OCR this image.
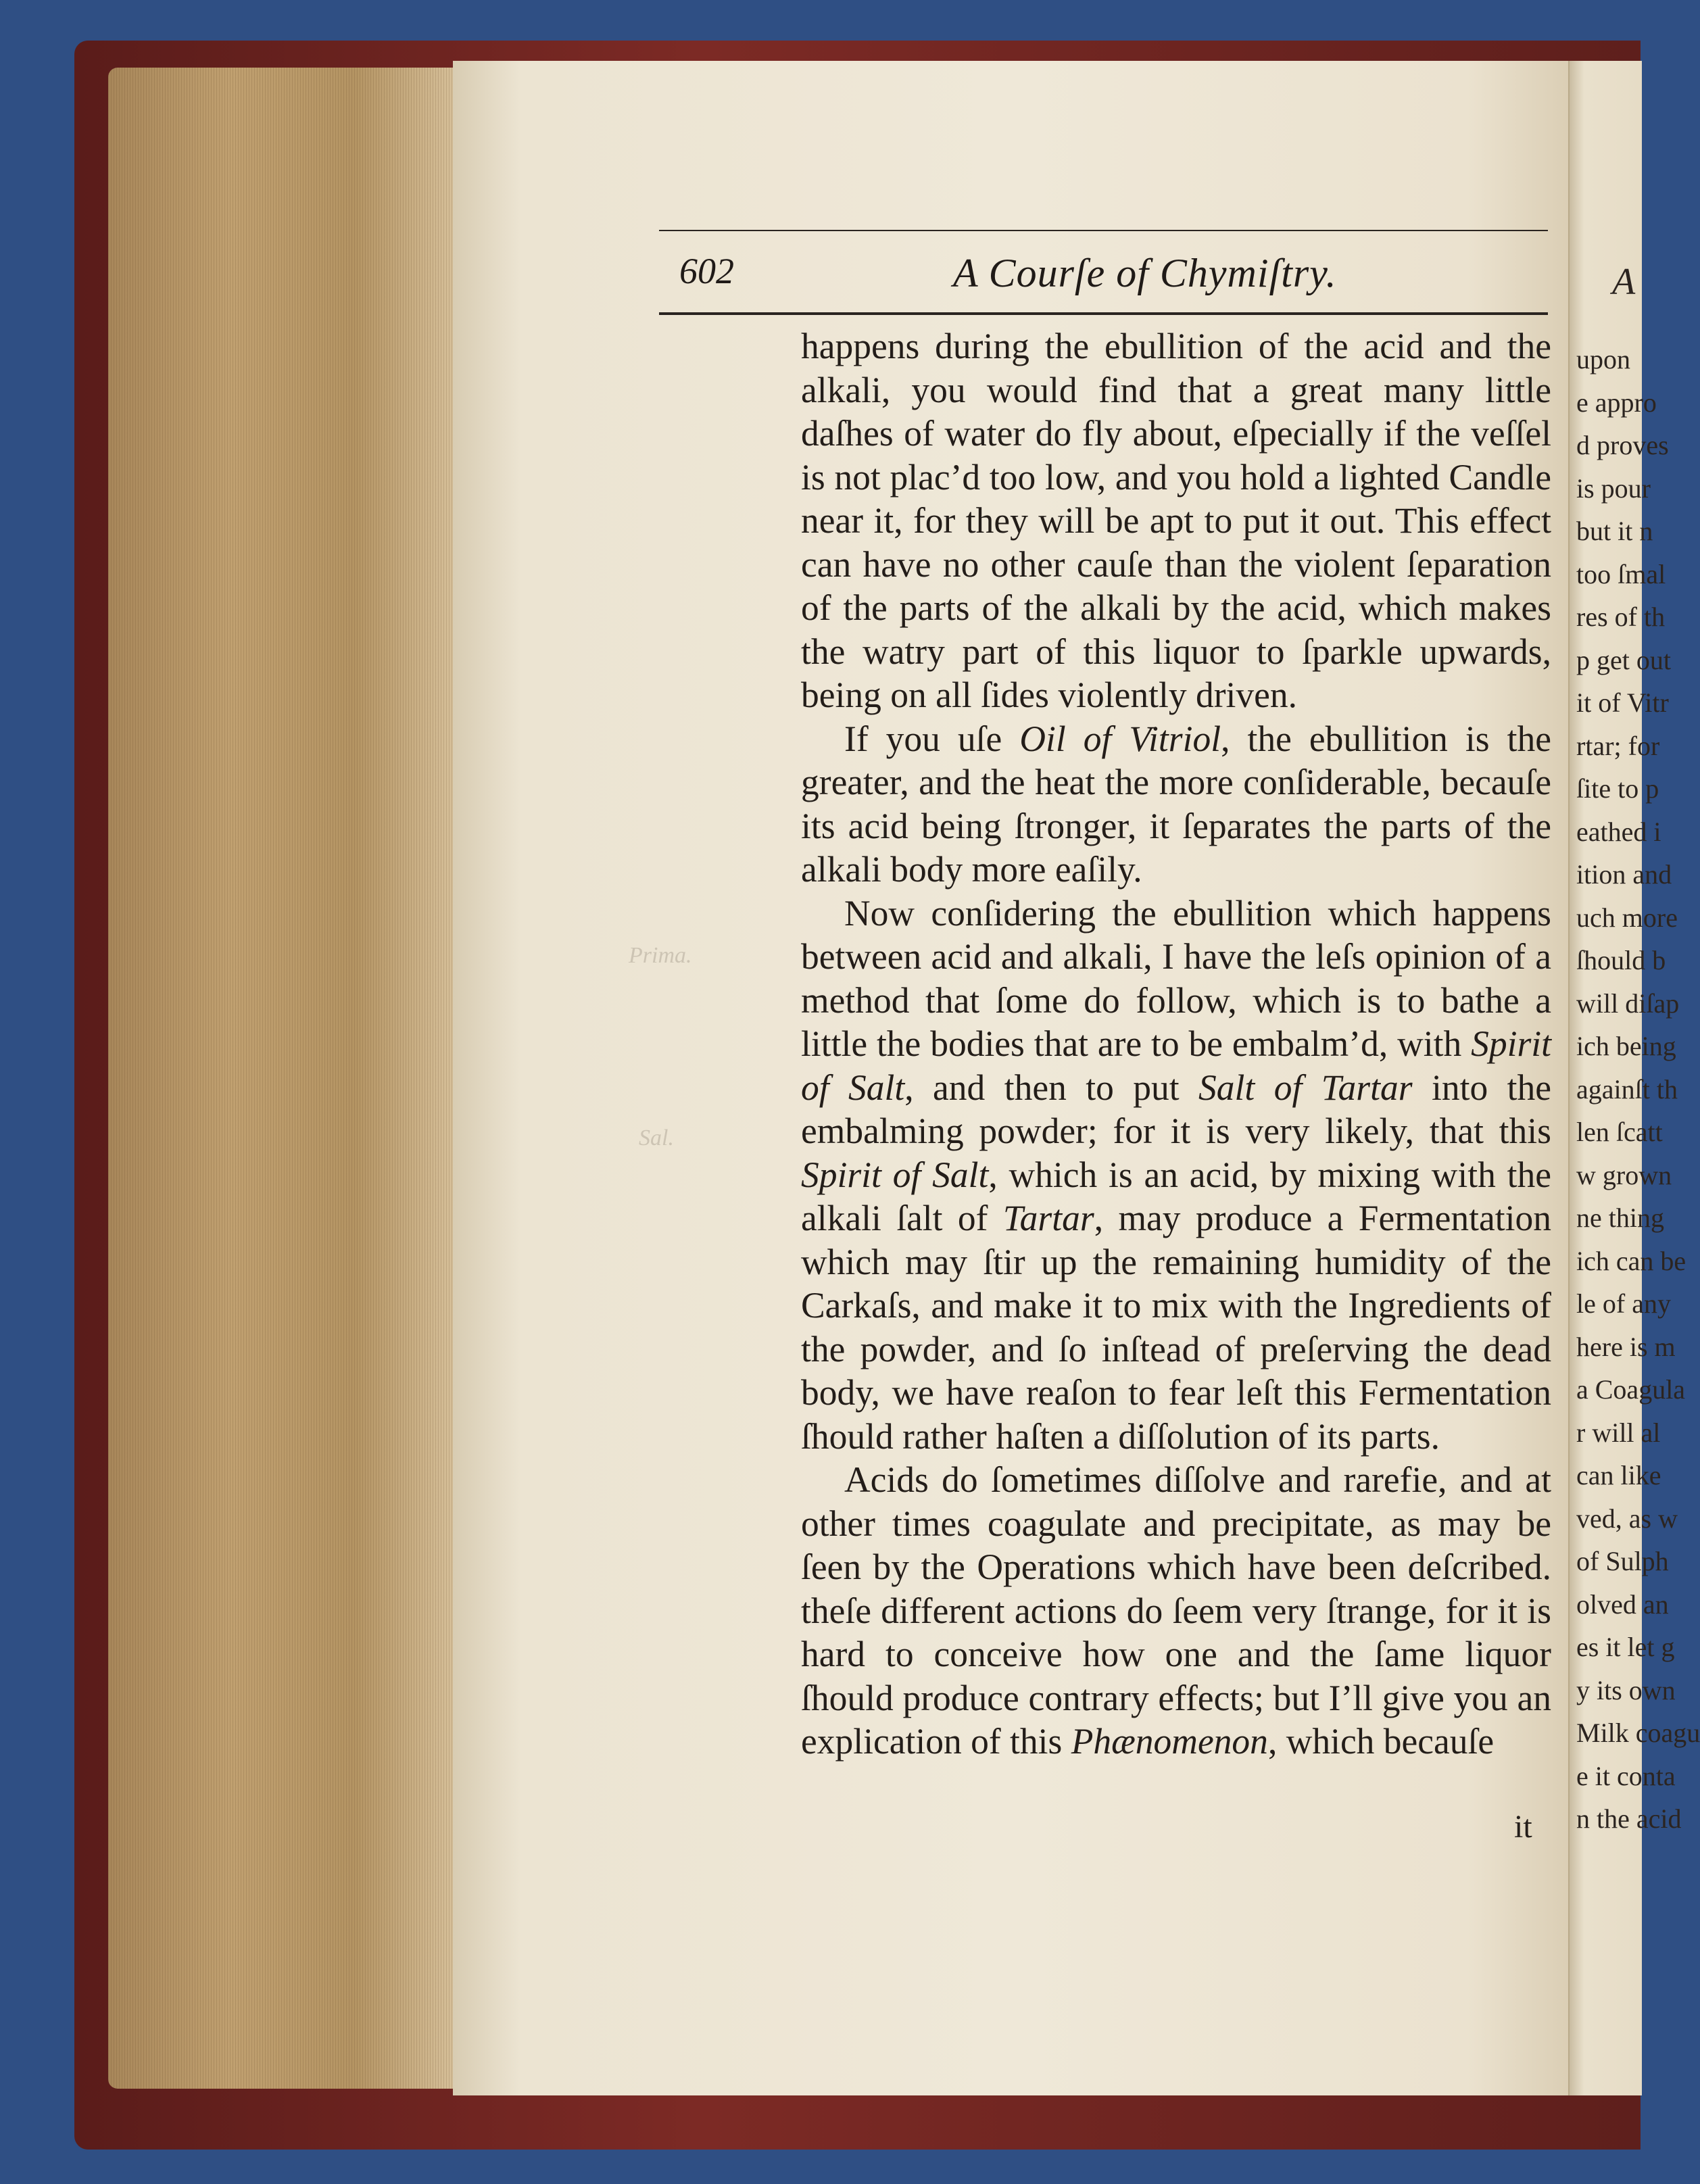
602	A Courſe of Chymiſtry.
Prima.
Sal.

happens during the ebullition of the acid and the alkali, you would find that a great many little daſhes of water do fly about, eſpecially if the veſſel is not plac’d too low, and you hold a lighted Candle near it, for they will be apt to put it out. This effect can have no other cauſe than the violent ſeparation of the parts of the alkali by the acid, which makes the watry part of this liquor to ſparkle upwards, being on all ſides violently driven.

If you uſe Oil of Vitriol, the ebullition is the greater, and the heat the more conſiderable, becauſe its acid being ſtronger, it ſeparates the parts of the alkali body more eaſily.

Now conſidering the ebullition which happens between acid and alkali, I have the leſs opinion of a method that ſome do follow, which is to bathe a little the bodies that are to be embalm’d, with Spirit of Salt, and then to put Salt of Tartar into the embalming powder; for it is very likely, that this Spirit of Salt, which is an acid, by mixing with the alkali ſalt of Tartar, may produce a Fermentation which may ſtir up the remaining humidity of the Carkaſs, and make it to mix with the Ingredients of the powder, and ſo inſtead of preſerving the dead body, we have reaſon to fear leſt this Fermentation ſhould rather haſten a diſſolution of its parts.

Acids do ſometimes diſſolve and rarefie, and at other times coagulate and precipitate, as may be ſeen by the Operations which have been deſcribed. theſe different actions do ſeem very ſtrange, for it is hard to conceive how one and the ſame liquor ſhould produce contrary effects; but I’ll give you an explication of this Phænomenon, which becauſe

it
A
upon
e appro
d proves
is pour
but it n
too ſmal
res of th
p get out
it of Vitr
rtar; for
ſite to p
eathed i
ition and
uch more
ſhould b
will diſap
ich being
againſt th
len ſcatt
w grown
ne thing
ich can be
le of any
here is m
a Coagula
r will al
can like
ved, as w
of Sulph
olved an
es it let g
y its own
Milk coagu
e it conta
n the acid
